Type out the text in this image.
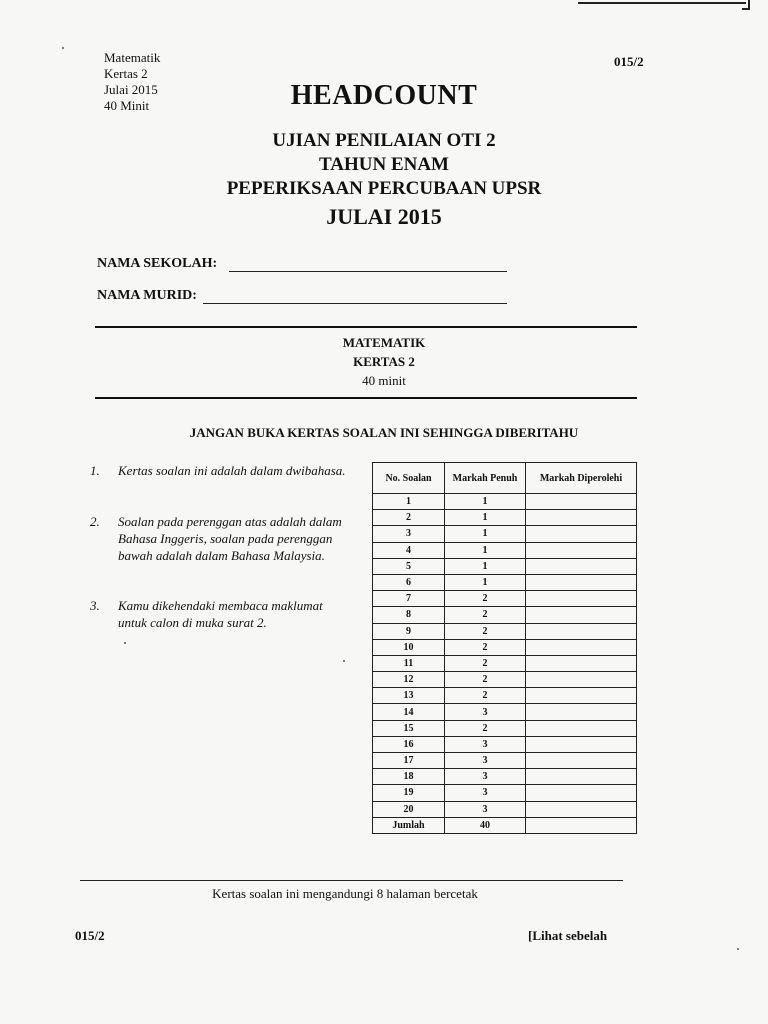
Matematik
Kertas 2
Julai 2015
40 Minit
015/2
HEADCOUNT
UJIAN PENILAIAN OTI 2
TAHUN ENAM
PEPERIKSAAN PERCUBAAN UPSR
JULAI 2015
NAMA SEKOLAH:
NAMA MURID:
MATEMATIK
KERTAS 2
40 minit
JANGAN BUKA KERTAS SOALAN INI SEHINGGA DIBERITAHU
1. Kertas soalan ini adalah dalam dwibahasa.
2. Soalan pada perenggan atas adalah dalam Bahasa Inggeris, soalan pada perenggan bawah adalah dalam Bahasa Malaysia.
3. Kamu dikehendaki membaca maklumat untuk calon di muka surat 2.
No. Soalan	Markah Penuh	Markah Diperolehi
1	1	
2	1	
3	1	
4	1	
5	1	
6	1	
7	2	
8	2	
9	2	
10	2	
11	2	
12	2	
13	2	
14	3	
15	2	
16	3	
17	3	
18	3	
19	3	
20	3	
Jumlah	40	
Kertas soalan ini mengandungi 8 halaman bercetak
015/2	[Lihat sebelah
